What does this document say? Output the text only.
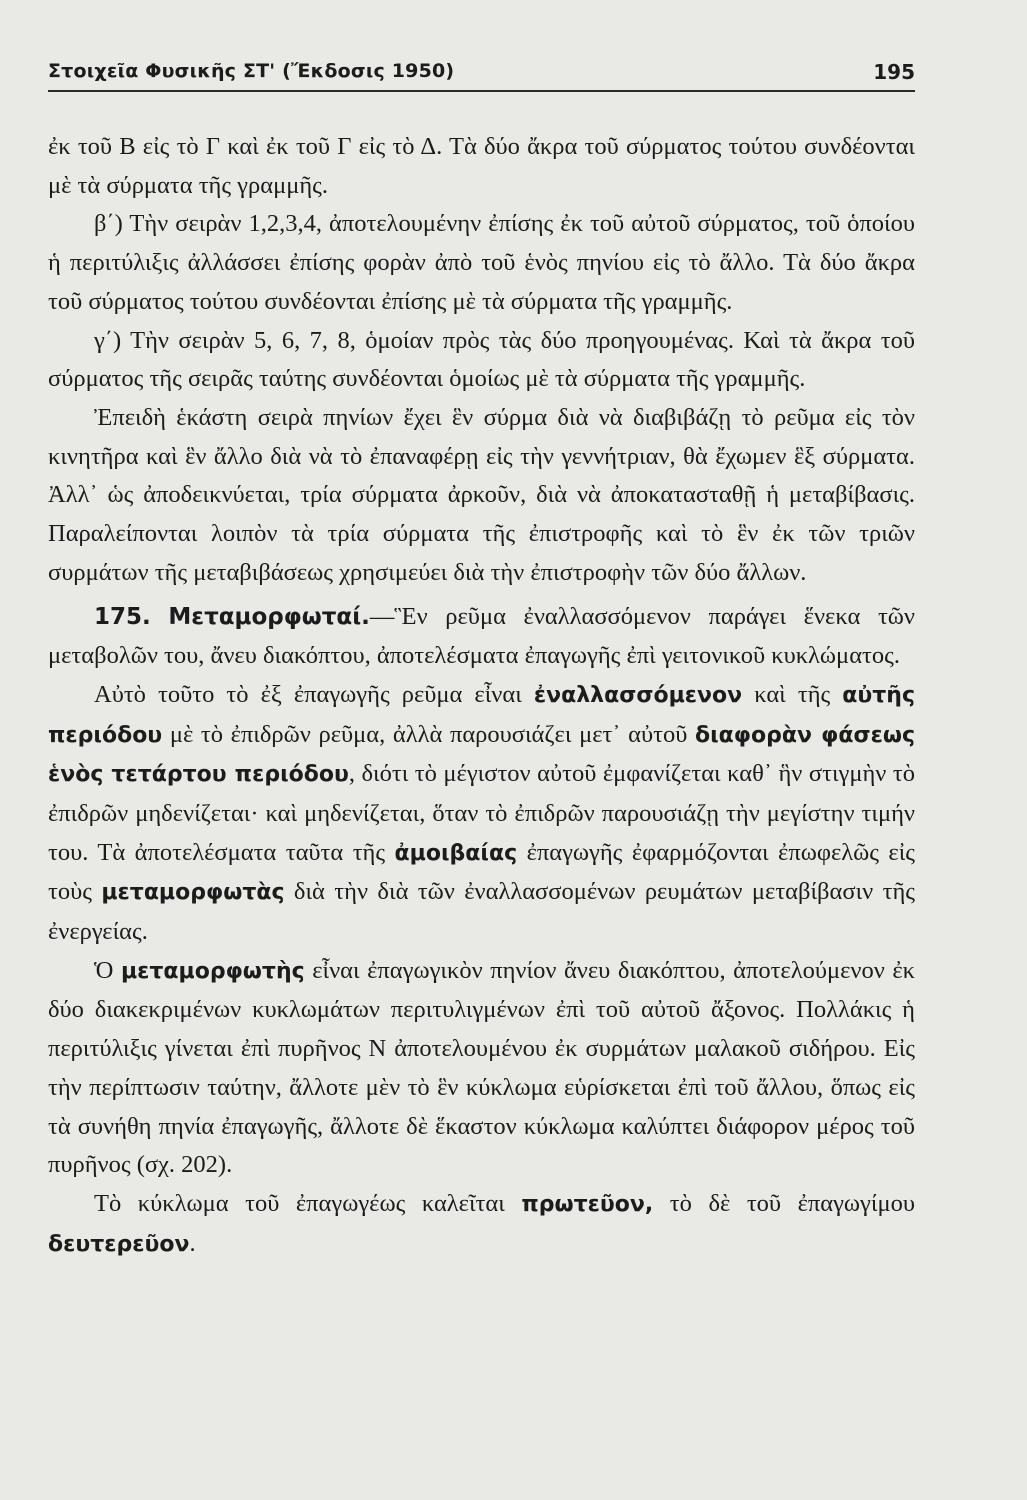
Στοιχεῖα Φυσικῆς ΣΤ' (Ἔκδοσις 1950)	195

ἐκ τοῦ Β εἰς τὸ Γ καὶ ἐκ τοῦ Γ εἰς τὸ Δ. Τὰ δύο ἄκρα τοῦ σύρματος τούτου συνδέονται μὲ τὰ σύρματα τῆς γραμμῆς.

β΄) Τὴν σειρὰν 1,2,3,4, ἀποτελουμένην ἐπίσης ἐκ τοῦ αὐτοῦ σύρματος, τοῦ ὁποίου ἡ περιτύλιξις ἀλλάσσει ἐπίσης φορὰν ἀπὸ τοῦ ἑνὸς πηνίου εἰς τὸ ἄλλο. Τὰ δύο ἄκρα τοῦ σύρματος τούτου συνδέονται ἐπίσης μὲ τὰ σύρματα τῆς γραμμῆς.

γ΄) Τὴν σειρὰν 5, 6, 7, 8, ὁμοίαν πρὸς τὰς δύο προηγουμένας. Καὶ τὰ ἄκρα τοῦ σύρματος τῆς σειρᾶς ταύτης συνδέονται ὁμοίως μὲ τὰ σύρματα τῆς γραμμῆς.

Ἐπειδὴ ἑκάστη σειρὰ πηνίων ἔχει ἓν σύρμα διὰ νὰ διαβιβάζῃ τὸ ρεῦμα εἰς τὸν κινητῆρα καὶ ἓν ἄλλο διὰ νὰ τὸ ἐπαναφέρῃ εἰς τὴν γεννήτριαν, θὰ ἔχωμεν ἓξ σύρματα. Ἀλλ᾽ ὡς ἀποδεικνύεται, τρία σύρματα ἀρκοῦν, διὰ νὰ ἀποκατασταθῇ ἡ μεταβίβασις. Παραλείπονται λοιπὸν τὰ τρία σύρματα τῆς ἐπιστροφῆς καὶ τὸ ἓν ἐκ τῶν τριῶν συρμάτων τῆς μεταβιβάσεως χρησιμεύει διὰ τὴν ἐπιστροφὴν τῶν δύο ἄλλων.

175. Μεταμορφωταί.—Ἓν ρεῦμα ἐναλλασσόμενον παράγει ἕνεκα τῶν μεταβολῶν του, ἄνευ διακόπτου, ἀποτελέσματα ἐπαγωγῆς ἐπὶ γειτονικοῦ κυκλώματος.

Αὐτὸ τοῦτο τὸ ἐξ ἐπαγωγῆς ρεῦμα εἶναι ἐναλλασσόμενον καὶ τῆς αὐτῆς περιόδου μὲ τὸ ἐπιδρῶν ρεῦμα, ἀλλὰ παρουσιάζει μετ᾽ αὐτοῦ διαφορὰν φάσεως ἑνὸς τετάρτου περιόδου, διότι τὸ μέγιστον αὐτοῦ ἐμφανίζεται καθ᾽ ἣν στιγμὴν τὸ ἐπιδρῶν μηδενίζεται· καὶ μηδενίζεται, ὅταν τὸ ἐπιδρῶν παρουσιάζῃ τὴν μεγίστην τιμήν του. Τὰ ἀποτελέσματα ταῦτα τῆς ἀμοιβαίας ἐπαγωγῆς ἐφαρμόζονται ἐπωφελῶς εἰς τοὺς μεταμορφωτὰς διὰ τὴν διὰ τῶν ἐναλλασσομένων ρευμάτων μεταβίβασιν τῆς ἐνεργείας.

Ὁ μεταμορφωτὴς εἶναι ἐπαγωγικὸν πηνίον ἄνευ διακόπτου, ἀποτελούμενον ἐκ δύο διακεκριμένων κυκλωμάτων περιτυλιγμένων ἐπὶ τοῦ αὐτοῦ ἄξονος. Πολλάκις ἡ περιτύλιξις γίνεται ἐπὶ πυρῆνος Ν ἀποτελουμένου ἐκ συρμάτων μαλακοῦ σιδήρου. Εἰς τὴν περίπτωσιν ταύτην, ἄλλοτε μὲν τὸ ἓν κύκλωμα εὑρίσκεται ἐπὶ τοῦ ἄλλου, ὅπως εἰς τὰ συνήθη πηνία ἐπαγωγῆς, ἄλλοτε δὲ ἕκαστον κύκλωμα καλύπτει διάφορον μέρος τοῦ πυρῆνος (σχ. 202).

Τὸ κύκλωμα τοῦ ἐπαγωγέως καλεῖται πρωτεῦον, τὸ δὲ τοῦ ἐπαγωγίμου δευτερεῦον.
